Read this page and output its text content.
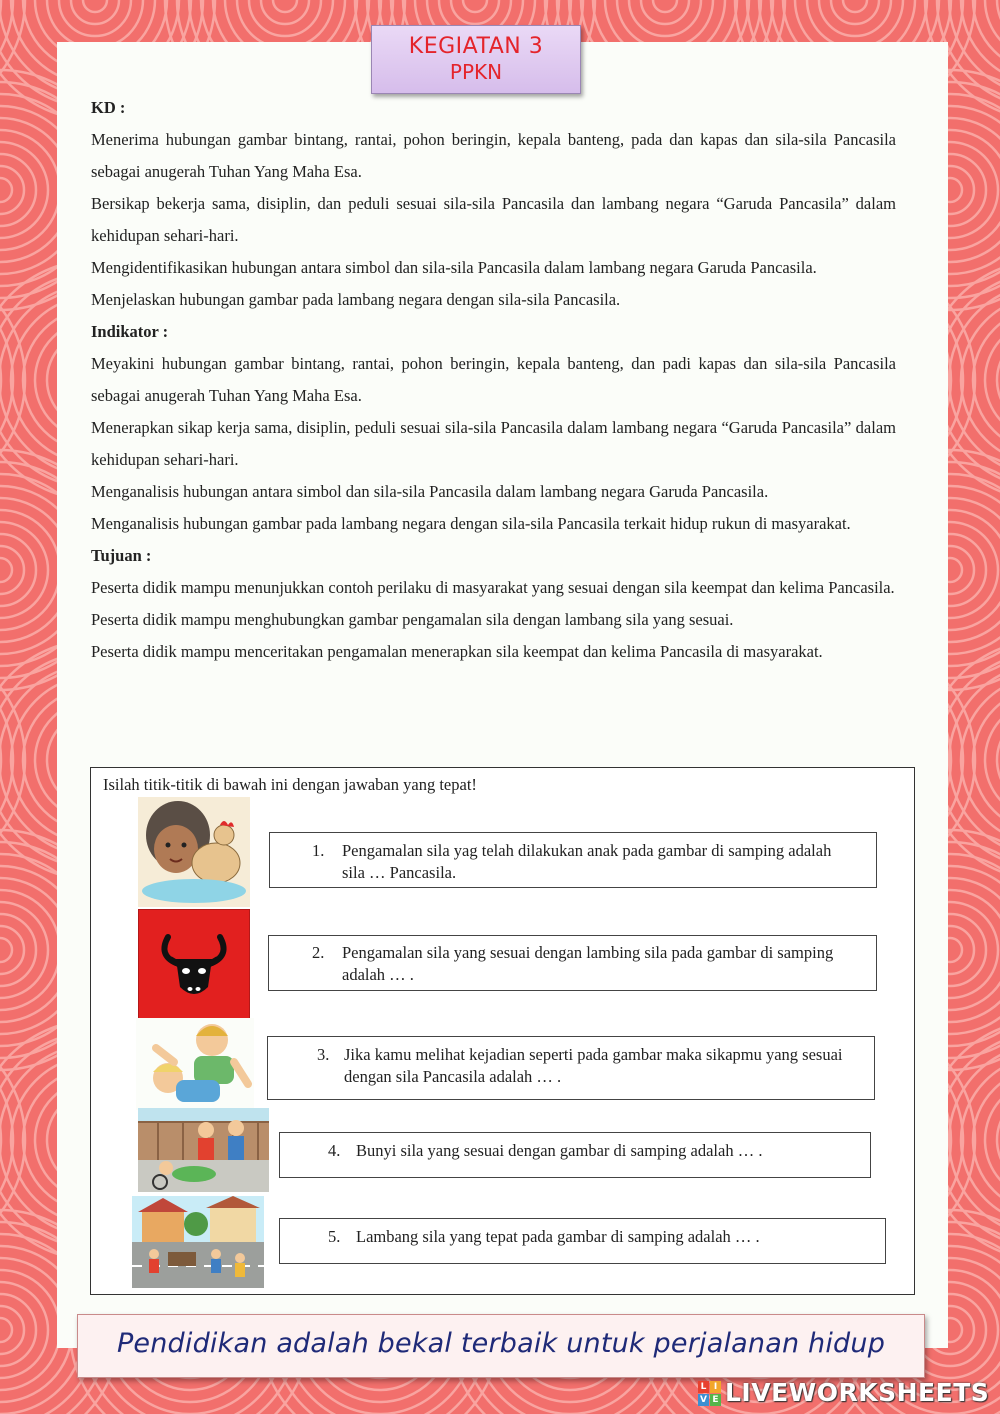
KEGIATAN 3
PPKN

KD :

Menerima hubungan gambar bintang, rantai, pohon beringin, kepala banteng, pada dan kapas dan sila-sila Pancasila sebagai anugerah Tuhan Yang Maha Esa.

Bersikap bekerja sama, disiplin, dan peduli sesuai sila-sila Pancasila dan lambang negara “Garuda Pancasila” dalam kehidupan sehari-hari.

Mengidentifikasikan hubungan antara simbol dan sila-sila Pancasila dalam lambang negara Garuda Pancasila.

Menjelaskan hubungan gambar pada lambang negara dengan sila-sila Pancasila.

Indikator :

Meyakini hubungan gambar bintang, rantai, pohon beringin, kepala banteng, dan padi kapas dan sila-sila Pancasila sebagai anugerah Tuhan Yang Maha Esa.

Menerapkan sikap kerja sama, disiplin, peduli sesuai sila-sila Pancasila dalam lambang negara “Garuda Pancasila” dalam kehidupan sehari-hari.

Menganalisis hubungan antara simbol dan sila-sila Pancasila dalam lambang negara Garuda Pancasila.

Menganalisis hubungan gambar pada lambang negara dengan sila-sila Pancasila terkait hidup rukun di masyarakat.

Tujuan :

Peserta didik mampu menunjukkan contoh perilaku di masyarakat yang sesuai dengan sila keempat dan kelima Pancasila.

Peserta didik mampu menghubungkan gambar pengamalan sila dengan lambang sila yang sesuai.

Peserta didik mampu menceritakan pengamalan menerapkan sila keempat dan kelima Pancasila di masyarakat.

Isilah titik-titik di bawah ini dengan jawaban yang tepat!
1. Pengamalan sila yag telah dilakukan anak pada gambar di samping adalah sila … Pancasila.
2. Pengamalan sila yang sesuai dengan lambing sila pada gambar di samping adalah … .
3. Jika kamu melihat kejadian seperti pada gambar maka sikapmu yang sesuai dengan sila Pancasila adalah … .
4. Bunyi sila yang sesuai dengan gambar di samping adalah … .
5. Lambang sila yang tepat pada gambar di samping adalah … .
Pendidikan adalah bekal terbaik untuk perjalanan hidup
L I
V E LIVEWORKSHEETS
